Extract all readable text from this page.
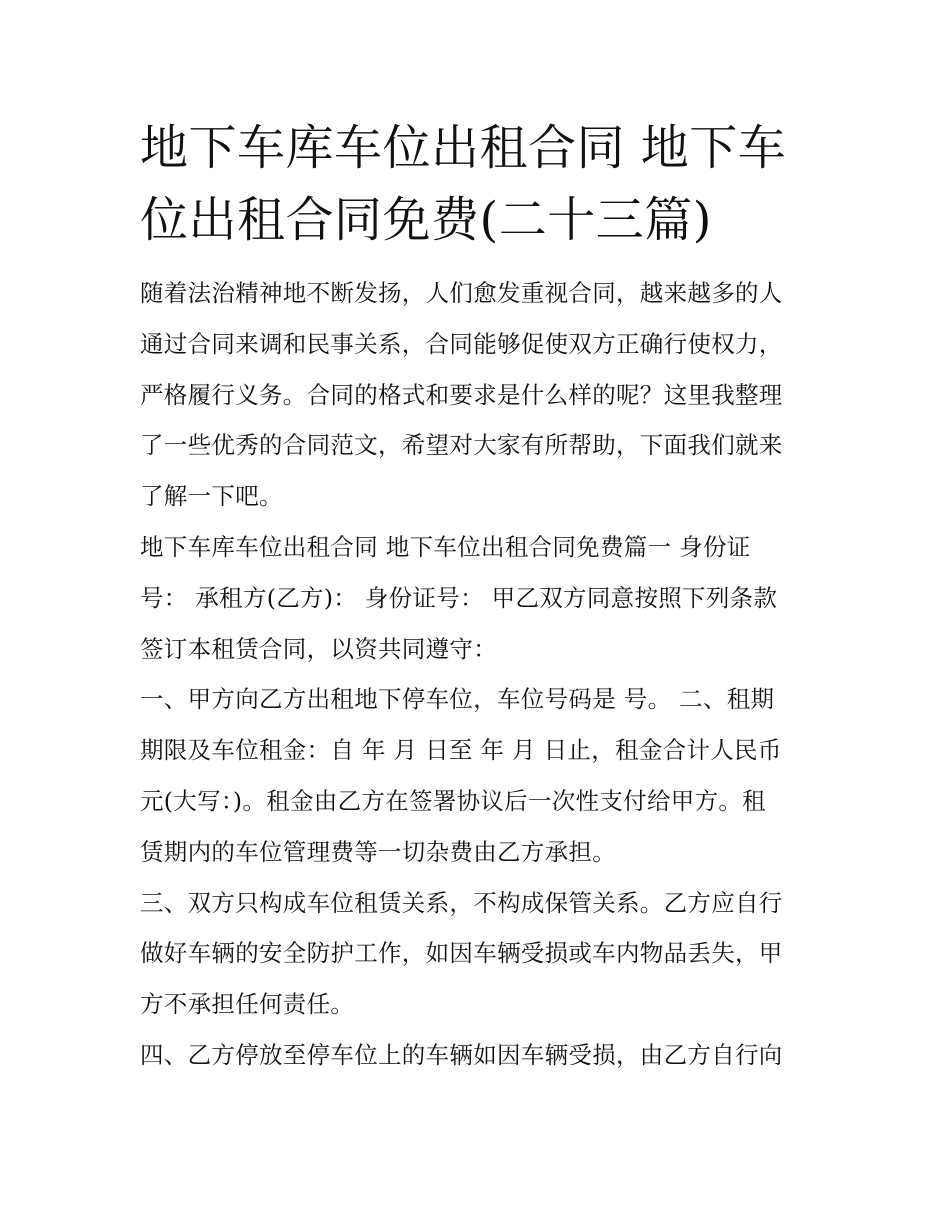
地下车库车位出租合同 地下车
位出租合同免费(二十三篇)
随着法治精神地不断发扬，人们愈发重视合同，越来越多的人
通过合同来调和民事关系，合同能够促使双方正确行使权力，
严格履行义务。合同的格式和要求是什么样的呢？这里我整理
了一些优秀的合同范文，希望对大家有所帮助，下面我们就来
了解一下吧。
地下车库车位出租合同 地下车位出租合同免费篇一 身份证
号： 承租方(乙方)： 身份证号： 甲乙双方同意按照下列条款
签订本租赁合同，以资共同遵守：
一、甲方向乙方出租地下停车位，车位号码是 号。 二、租期
期限及车位租金：自 年 月 日至 年 月 日止，租金合计人民币
元(大写：)。租金由乙方在签署协议后一次性支付给甲方。租
赁期内的车位管理费等一切杂费由乙方承担。
三、双方只构成车位租赁关系，不构成保管关系。乙方应自行
做好车辆的安全防护工作，如因车辆受损或车内物品丢失，甲
方不承担任何责任。
四、乙方停放至停车位上的车辆如因车辆受损，由乙方自行向
